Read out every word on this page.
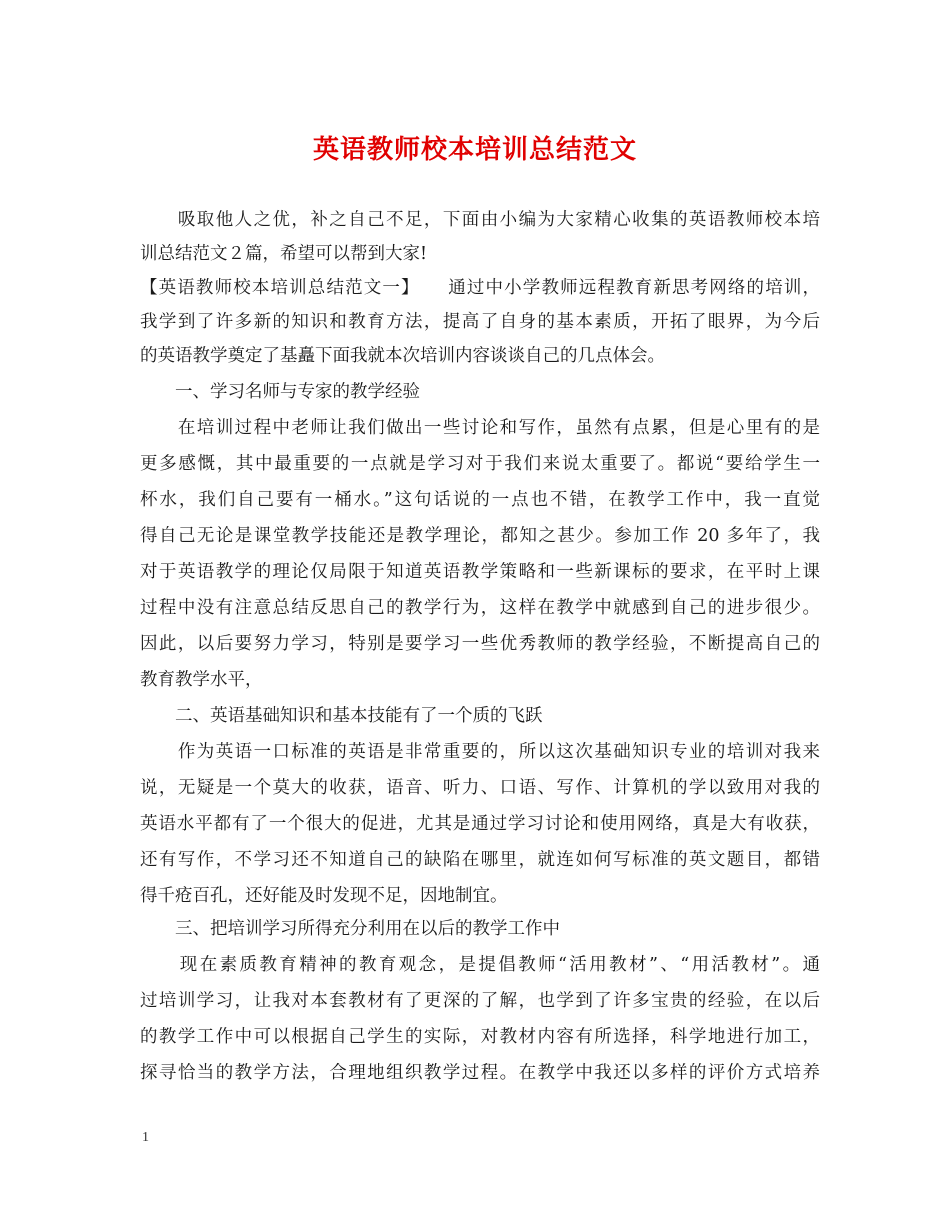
英语教师校本培训总结范文
　　吸取他人之优，补之自己不足，下面由小编为大家精心收集的英语教师校本培
训总结范文２篇，希望可以帮到大家!
【英语教师校本培训总结范文一】　　通过中小学教师远程教育新思考网络的培训，
我学到了许多新的知识和教育方法，提高了自身的基本素质，开拓了眼界，为今后
的英语教学奠定了基矗下面我就本次培训内容谈谈自己的几点体会。
　　一、学习名师与专家的教学经验
　　在培训过程中老师让我们做出一些讨论和写作，虽然有点累，但是心里有的是
更多感慨，其中最重要的一点就是学习对于我们来说太重要了。都说“要给学生一
杯水，我们自己要有一桶水。”这句话说的一点也不错，在教学工作中，我一直觉
得自己无论是课堂教学技能还是教学理论，都知之甚少。参加工作 20 多年了，我
对于英语教学的理论仅局限于知道英语教学策略和一些新课标的要求，在平时上课
过程中没有注意总结反思自己的教学行为，这样在教学中就感到自己的进步很少。
因此，以后要努力学习，特别是要学习一些优秀教师的教学经验，不断提高自己的
教育教学水平，
　　二、英语基础知识和基本技能有了一个质的飞跃
　　作为英语一口标准的英语是非常重要的，所以这次基础知识专业的培训对我来
说，无疑是一个莫大的收获，语音、听力、口语、写作、计算机的学以致用对我的
英语水平都有了一个很大的促进，尤其是通过学习讨论和使用网络，真是大有收获，
还有写作，不学习还不知道自己的缺陷在哪里，就连如何写标准的英文题目，都错
得千疮百孔，还好能及时发现不足，因地制宜。
　　三、把培训学习所得充分利用在以后的教学工作中
　　现在素质教育精神的教育观念，是提倡教师“活用教材”、“用活教材”。通
过培训学习，让我对本套教材有了更深的了解，也学到了许多宝贵的经验，在以后
的教学工作中可以根据自己学生的实际，对教材内容有所选择，科学地进行加工，
探寻恰当的教学方法，合理地组织教学过程。在教学中我还以多样的评价方式培养
1
